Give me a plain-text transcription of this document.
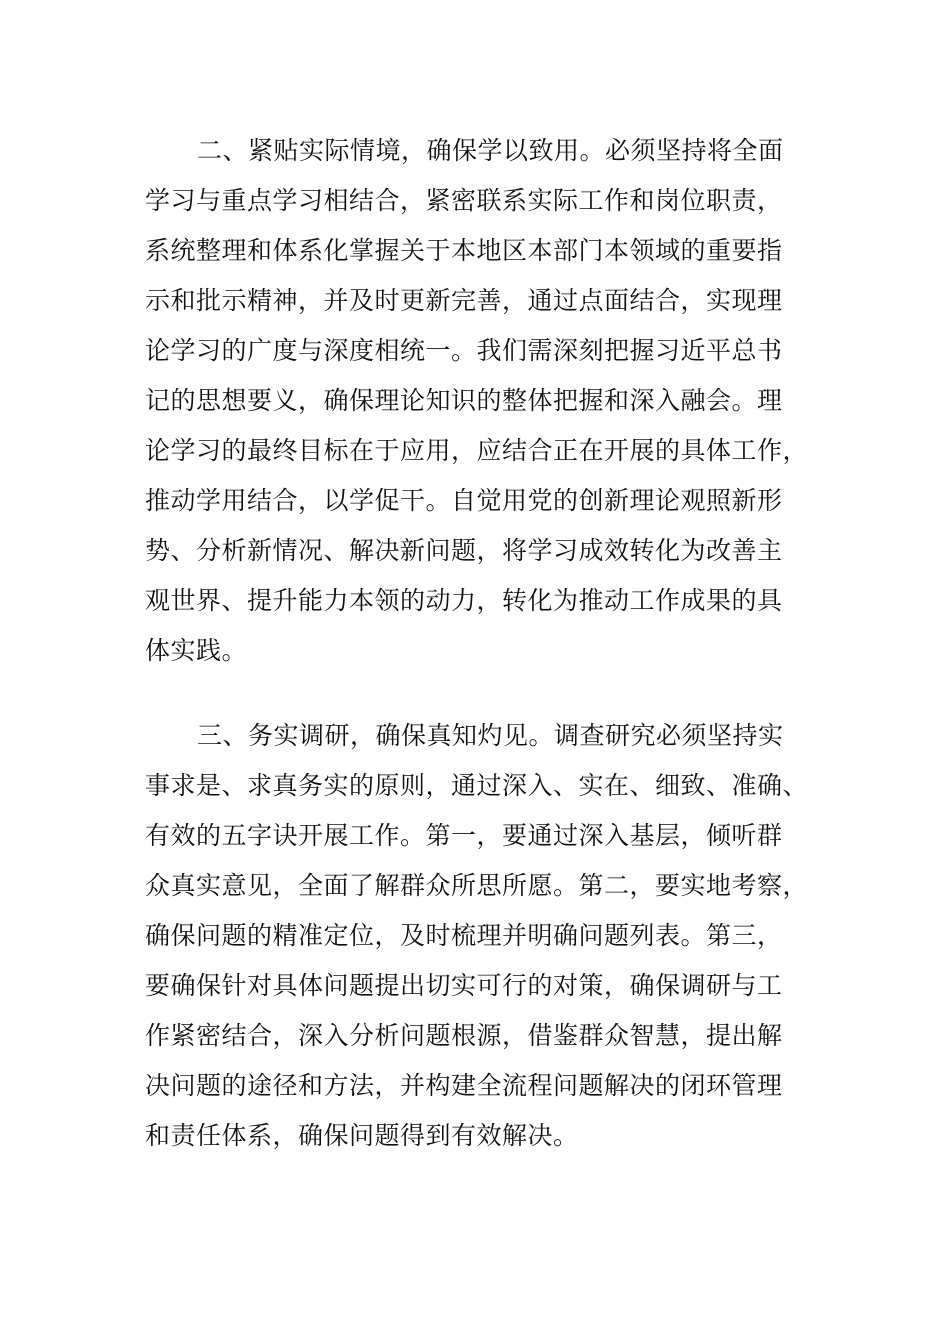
二、紧贴实际情境，确保学以致用。必须坚持将全面
学习与重点学习相结合，紧密联系实际工作和岗位职责，
系统整理和体系化掌握关于本地区本部门本领域的重要指
示和批示精神，并及时更新完善，通过点面结合，实现理
论学习的广度与深度相统一。我们需深刻把握习近平总书
记的思想要义，确保理论知识的整体把握和深入融会。理
论学习的最终目标在于应用，应结合正在开展的具体工作，
推动学用结合，以学促干。自觉用党的创新理论观照新形
势、分析新情况、解决新问题，将学习成效转化为改善主
观世界、提升能力本领的动力，转化为推动工作成果的具
体实践。
三、务实调研，确保真知灼见。调查研究必须坚持实
事求是、求真务实的原则，通过深入、实在、细致、准确、
有效的五字诀开展工作。第一，要通过深入基层，倾听群
众真实意见，全面了解群众所思所愿。第二，要实地考察，
确保问题的精准定位，及时梳理并明确问题列表。第三，
要确保针对具体问题提出切实可行的对策，确保调研与工
作紧密结合，深入分析问题根源，借鉴群众智慧，提出解
决问题的途径和方法，并构建全流程问题解决的闭环管理
和责任体系，确保问题得到有效解决。
